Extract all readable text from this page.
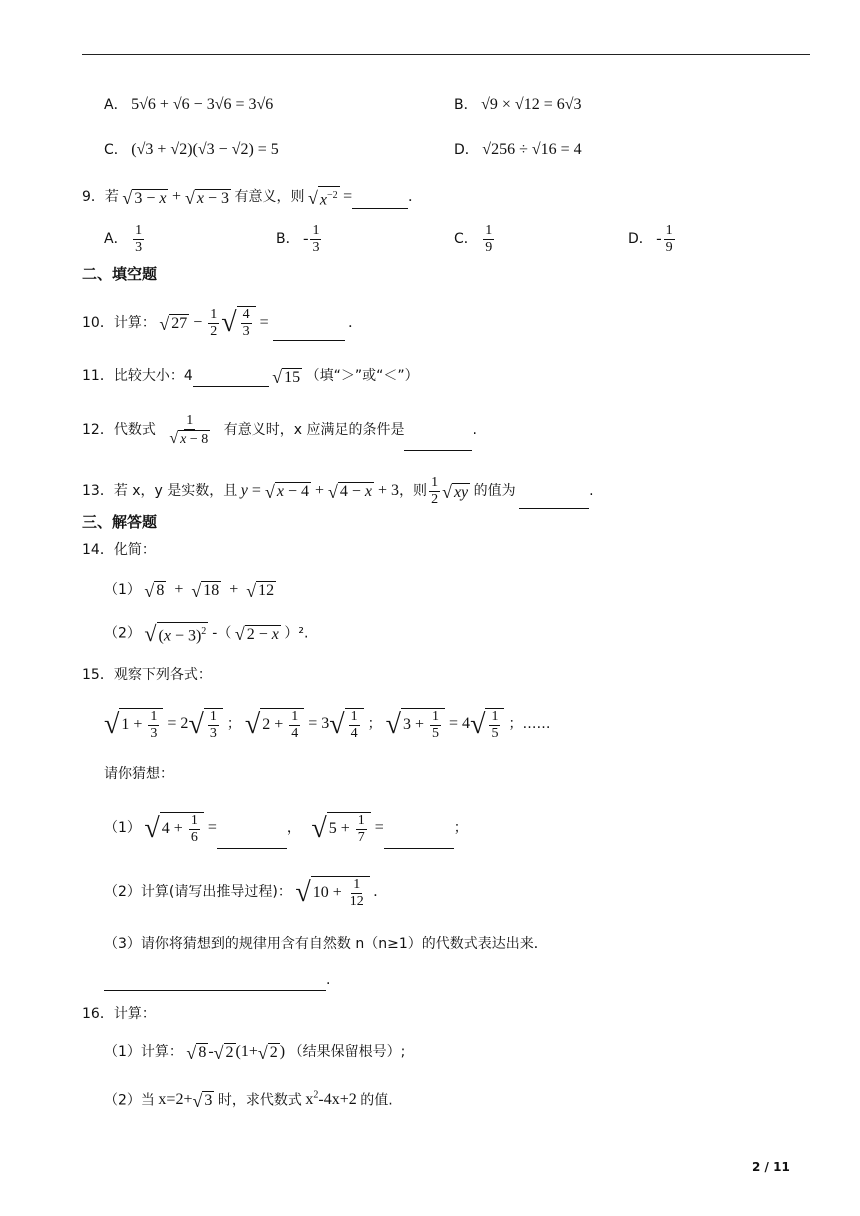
A． 5√6 + √6 − 3√6 = 3√6	B． √9 × √12 = 6√3
C． (√3 + √2)(√3 − √2) = 5	D． √256 ÷ √16 = 4
9．若 √ 3 − x + √ x − 3 有意义，则 √ $x^{-2}$ =	.
A． $\frac{1}{3}$	B． - $\frac{1}{3}$	C． $\frac{1}{9}$	D． - $\frac{1}{9}$
二、填空题
10．计算： √ $27 - \frac{1}{2}$ √ $\frac{4}{3}$ =	．
11．比较大小：4	√ 15 （填“＞”或“＜”）
12．代数式 $\frac{1}{√ x - 8}$ 有意义时，x 应满足的条件是	.
13．若 x，y 是实数，且 y = √ x − 4 + √ 4 − x + 3，则 $\frac{1}{2}$ √ xy 的值为	.
三、解答题
14．化简：
（1） √ 8  +  √ 18  +  √ 12
（2） √ $(x - 3)^2$ -（ √ 2 − x ）².
15．观察下列各式：
√ $1 + \frac{1}{3} = 2√ \frac{1}{3}$ ； √ $2 + \frac{1}{4} = 3√ \frac{1}{4}$ ； √ $3 + \frac{1}{5} = 4√ \frac{1}{5}$ ；……
请你猜想：
（1） √ $4 + \frac{1}{6}$ =	， √ $5 + \frac{1}{7}$ =	；
（2）计算(请写出推导过程)： √ $10 + \frac{1}{12}$ ．
（3）请你将猜想到的规律用含有自然数 n（n≥1）的代数式表达出来．
.
16．计算：
（1）计算： √ 8 -√ 2 (1+√ 2 ) （结果保留根号）;
（2）当 x=2+√ 3 时，求代数式 $x^2-4x+2$ 的值.
2 / 11
